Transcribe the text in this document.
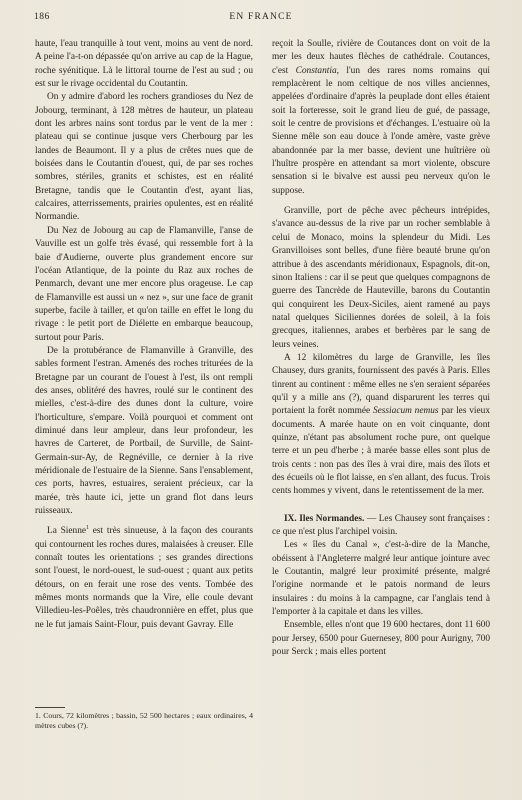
186	EN FRANCE

haute, l'eau tranquille à tout vent, moins au vent de nord. A peine l'a-t-on dépassée qu'on arrive au cap de la Hague, roche syénitique. Là le littoral tourne de l'est au sud ; ou est sur le rivage occidental du Coutantin.

On y admire d'abord les rochers grandioses du Nez de Jobourg, terminant, à 128 mètres de hauteur, un plateau dont les arbres nains sont tordus par le vent de la mer : plateau qui se continue jusque vers Cherbourg par les landes de Beaumont. Il y a plus de crêtes nues que de boisées dans le Coutantin d'ouest, qui, de par ses roches sombres, stériles, granits et schistes, est en réalité Bretagne, tandis que le Coutantin d'est, ayant lias, calcaires, atterrissements, prairies opulentes, est en réalité Normandie.

Du Nez de Jobourg au cap de Flamanville, l'anse de Vauville est un golfe très évasé, qui ressemble fort à la baie d'Audierne, ouverte plus grandement encore sur l'océan Atlantique, de la pointe du Raz aux roches de Penmarch, devant une mer encore plus orageuse. Le cap de Flamanville est aussi un « nez », sur une face de granit superbe, facile à tailler, et qu'on taille en effet le long du rivage : le petit port de Diélette en embarque beaucoup, surtout pour Paris.

De la protubérance de Flamanville à Granville, des sables forment l'estran. Amenés des roches triturées de la Bretagne par un courant de l'ouest à l'est, ils ont rempli des anses, oblitéré des havres, roulé sur le continent des mielles, c'est-à-dire des dunes dont la culture, voire l'horticulture, s'empare. Voilà pourquoi et comment ont diminué dans leur ampleur, dans leur profondeur, les havres de Carteret, de Portbail, de Surville, de Saint-Germain-sur-Ay, de Regnéville, ce dernier à la rive méridionale de l'estuaire de la Sienne. Sans l'ensablement, ces ports, havres, estuaires, seraient précieux, car la marée, très haute ici, jette un grand flot dans leurs ruisseaux.

La Sienne$^1$ est très sinueuse, à la façon des courants qui contournent les roches dures, malaisées à creuser. Elle connaît toutes les orientations ; ses grandes directions sont l'ouest, le nord-ouest, le sud-ouest ; quant aux petits détours, on en ferait une rose des vents. Tombée des mêmes monts normands que la Vire, elle coule devant Villedieu-les-Poêles, très chaudronnière en effet, plus que ne le fut jamais Saint-Flour, puis devant Gavray. Elle

1. Cours, 72 kilomètres ; bassin, 52 500 hectares ; eaux ordinaires, 4 mètres cubes (?).

reçoit la Soulle, rivière de Coutances dont on voit de la mer les deux hautes flèches de cathédrale. Coutances, c'est Constantia, l'un des rares noms romains qui remplacèrent le nom celtique de nos villes anciennes, appelées d'ordinaire d'après la peuplade dont elles étaient soit la forteresse, soit le grand lieu de gué, de passage, soit le centre de provisions et d'échanges. L'estuaire où la Sienne mêle son eau douce à l'onde amère, vaste grève abandonnée par la mer basse, devient une huîtrière où l'huître prospère en attendant sa mort violente, obscure sensation si le bivalve est aussi peu nerveux qu'on le suppose.

Granville, port de pêche avec pêcheurs intrépides, s'avance au-dessus de la rive par un rocher semblable à celui de Monaco, moins la splendeur du Midi. Les Granvilloises sont belles, d'une fière beauté brune qu'on attribue à des ascendants méridionaux, Espagnols, dit-on, sinon Italiens : car il se peut que quelques compagnons de guerre des Tancrède de Hauteville, barons du Coutantin qui conquirent les Deux-Siciles, aient ramené au pays natal quelques Siciliennes dorées de soleil, à la fois grecques, italiennes, arabes et berbères par le sang de leurs veines.

A 12 kilomètres du large de Granville, les îles Chausey, durs granits, fournissent des pavés à Paris. Elles tinrent au continent : même elles ne s'en seraient séparées qu'il y a mille ans (?), quand disparurent les terres qui portaient la forêt nommée Sessiacum nemus par les vieux documents. A marée haute on en voit cinquante, dont quinze, n'étant pas absolument roche pure, ont quelque terre et un peu d'herbe ; à marée basse elles sont plus de trois cents : non pas des îles à vrai dire, mais des îlots et des écueils où le flot laisse, en s'en allant, des fucus. Trois cents hommes y vivent, dans le retentissement de la mer.

IX. Iles Normandes. — Les Chausey sont françaises : ce que n'est plus l'archipel voisin.

Les « îles du Canal », c'est-à-dire de la Manche, obéissent à l'Angleterre malgré leur antique jointure avec le Coutantin, malgré leur proximité présente, malgré l'origine normande et le patois normand de leurs insulaires : du moins à la campagne, car l'anglais tend à l'emporter à la capitale et dans les villes.

Ensemble, elles n'ont que 19 600 hectares, dont 11 600 pour Jersey, 6500 pour Guernesey, 800 pour Aurigny, 700 pour Serck ; mais elles portent
